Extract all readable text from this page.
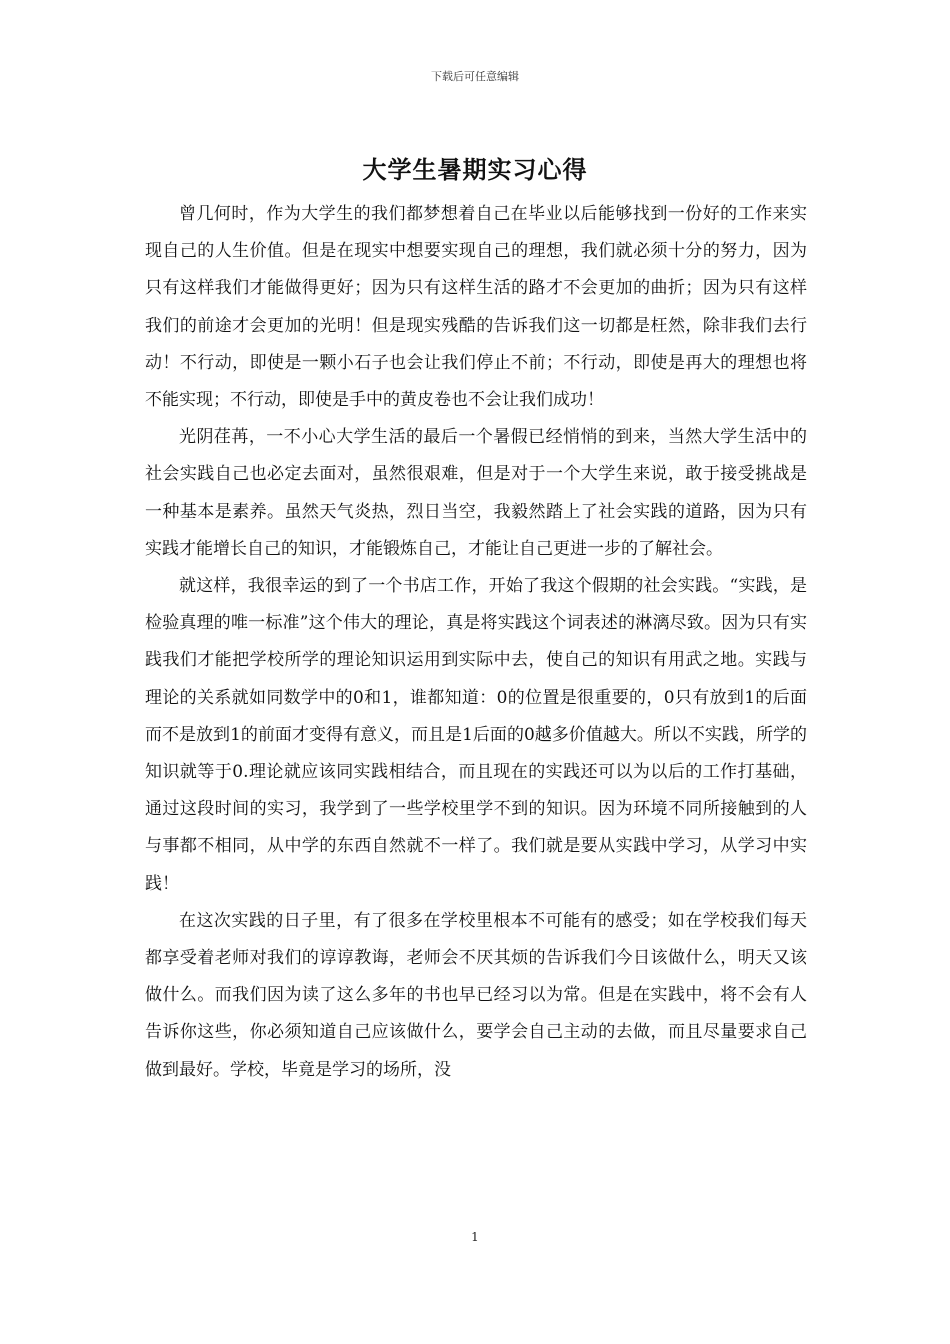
下载后可任意编辑
大学生暑期实习心得

曾几何时，作为大学生的我们都梦想着自己在毕业以后能够找到一份好的工作来实现自己的人生价值。但是在现实中想要实现自己的理想，我们就必须十分的努力，因为只有这样我们才能做得更好；因为只有这样生活的路才不会更加的曲折；因为只有这样我们的前途才会更加的光明！但是现实残酷的告诉我们这一切都是枉然，除非我们去行动！不行动，即使是一颗小石子也会让我们停止不前；不行动，即使是再大的理想也将不能实现；不行动，即使是手中的黄皮卷也不会让我们成功！

光阴荏苒，一不小心大学生活的最后一个暑假已经悄悄的到来，当然大学生活中的社会实践自己也必定去面对，虽然很艰难，但是对于一个大学生来说，敢于接受挑战是一种基本是素养。虽然天气炎热，烈日当空，我毅然踏上了社会实践的道路，因为只有实践才能增长自己的知识，才能锻炼自己，才能让自己更进一步的了解社会。

就这样，我很幸运的到了一个书店工作，开始了我这个假期的社会实践。“实践，是检验真理的唯一标准”这个伟大的理论，真是将实践这个词表述的淋漓尽致。因为只有实践我们才能把学校所学的理论知识运用到实际中去，使自己的知识有用武之地。实践与理论的关系就如同数学中的0和1，谁都知道：0的位置是很重要的，0只有放到1的后面而不是放到1的前面才变得有意义，而且是1后面的0越多价值越大。所以不实践，所学的知识就等于0.理论就应该同实践相结合，而且现在的实践还可以为以后的工作打基础，通过这段时间的实习，我学到了一些学校里学不到的知识。因为环境不同所接触到的人与事都不相同，从中学的东西自然就不一样了。我们就是要从实践中学习，从学习中实践！

在这次实践的日子里，有了很多在学校里根本不可能有的感受；如在学校我们每天都享受着老师对我们的谆谆教诲，老师会不厌其烦的告诉我们今日该做什么，明天又该做什么。而我们因为读了这么多年的书也早已经习以为常。但是在实践中，将不会有人告诉你这些，你必须知道自己应该做什么，要学会自己主动的去做，而且尽量要求自己做到最好。学校，毕竟是学习的场所，没

1
